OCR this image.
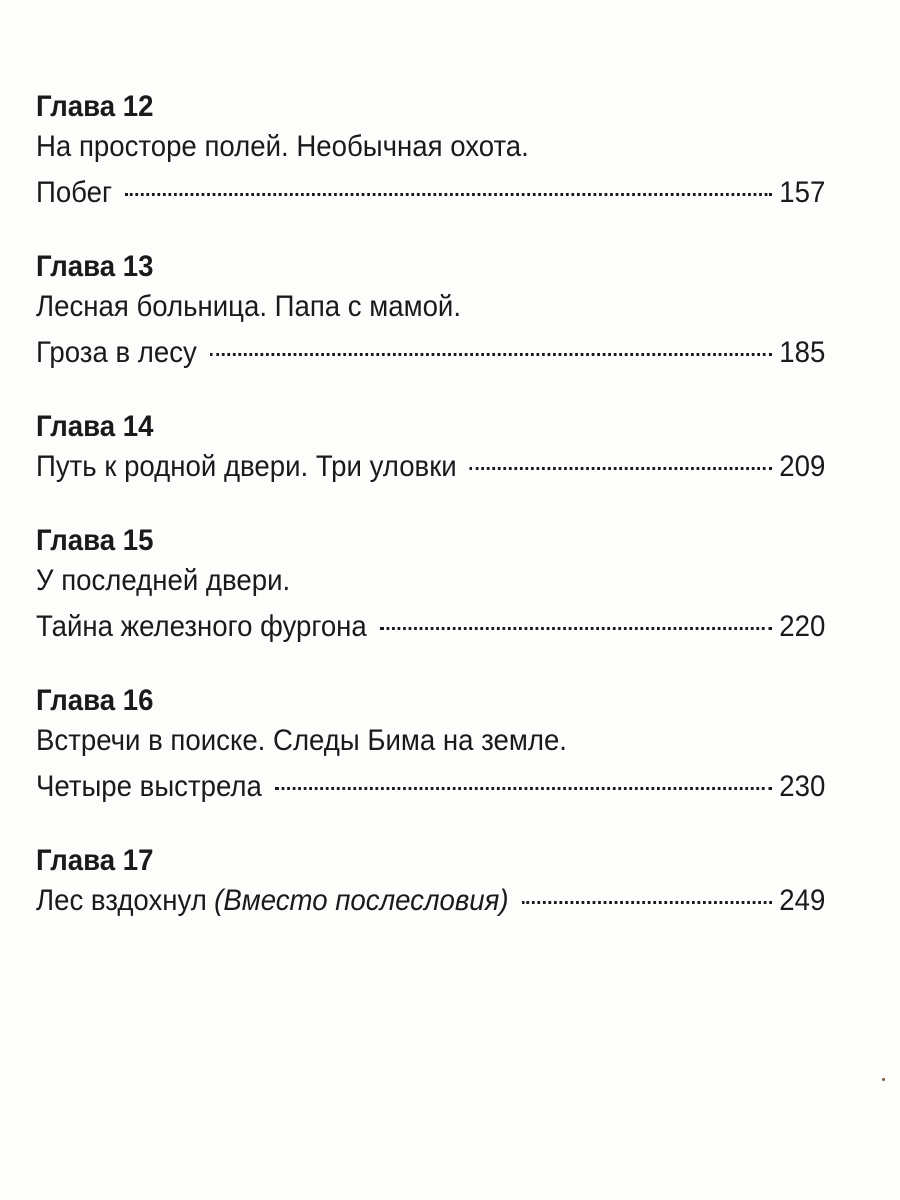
Глава 12
На просторе полей. Необычная охота.
Побег	157
Глава 13
Лесная больница. Папа с мамой.
Гроза в лесу	185
Глава 14
Путь к родной двери. Три уловки	209
Глава 15
У последней двери.
Тайна железного фургона	220
Глава 16
Встречи в поиске. Следы Бима на земле.
Четыре выстрела	230
Глава 17
Лес вздохнул (Вместо послесловия)	249
